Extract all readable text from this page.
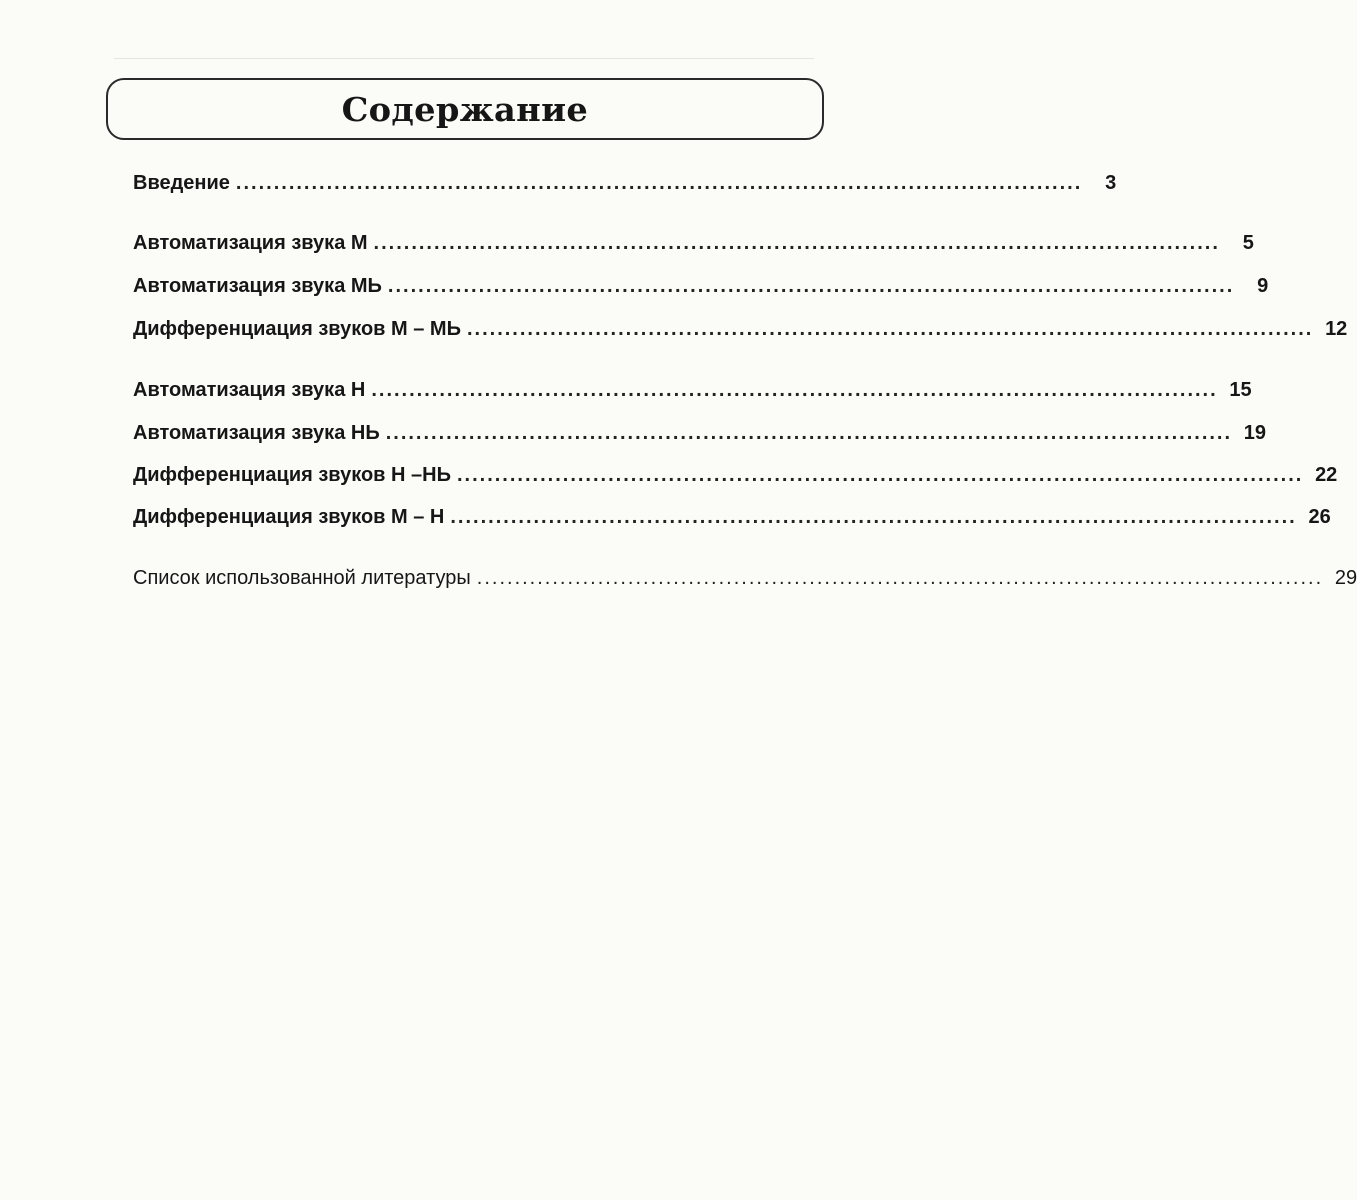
Содержание
Введение ................................................................................................................	3
Автоматизация звука М ................................................................................................................	5
Автоматизация звука МЬ ................................................................................................................	9
Дифференциация звуков М – МЬ ................................................................................................................ 12
Автоматизация звука Н ................................................................................................................ 15
Автоматизация звука НЬ ................................................................................................................ 19
Дифференциация звуков Н –НЬ ................................................................................................................ 22
Дифференциация звуков М – Н ................................................................................................................ 26
Список использованной литературы ................................................................................................................ 29
